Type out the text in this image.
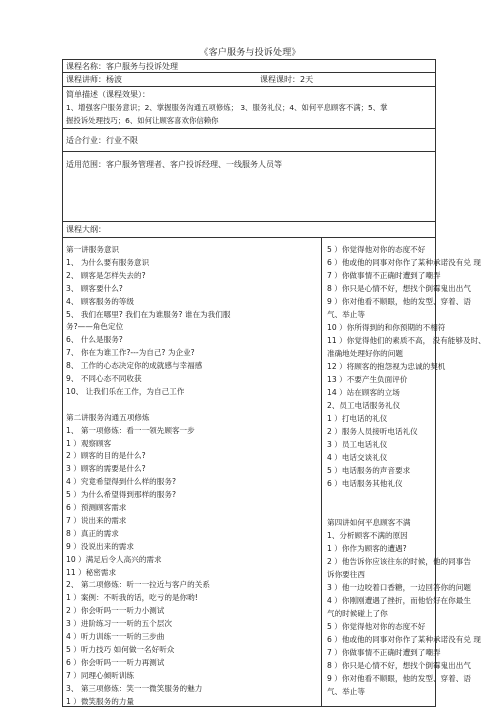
《客户服务与投诉处理》
课程名称：客户服务与投诉处理
课程讲师：杨波	课程课时：2天
简单描述（课程效果）：
1、增强客户服务意识；2、掌握服务沟通五项修炼； 3、服务礼仪；4、如何平息顾客不满；5、掌
握投诉处理技巧；6、如何让顾客喜欢你信赖你
适合行业：行业不限
适用范围：客户服务管理者、客户投诉经理、一线服务人员等
课程大纲：
第一讲服务意识
1、 为什么要有服务意识
2、 顾客是怎样失去的?
3、 顾客要什么?
4、 顾客服务的等级
5、 我们在哪里? 我们在为谁服务? 谁在为我们服
务?——角色定位
6、 什么是服务?
7、 你在为谁工作?---为自己? 为企业?
8、 工作的心态决定你的成就感与幸福感
9、 不同心态不同收获
10、 让我们乐在工作，为自己工作
第二讲服务沟通五项修炼
1、 第一项修炼：看一一领先顾客一步
1 ）观察顾客
2 ）顾客的目的是什么?
3 ）顾客的需要是什么?
4 ）究竟希望得到什么样的服务?
5 ）为什么希望得到那样的服务?
6 ）预测顾客需求
7 ）说出来的需求
8 ）真正的需求
9 ）没说出来的需求
10 ）满足后令人高兴的需求
11 ）秘密需求
2、 第二项修炼：听一一拉近与客户的关系
1 ）案例：不听我的话，吃亏的是你哟!
2 ）你会听吗一一听力小测试
3 ）进阶练习一一听的五个层次
4 ）听力训练一一听的三步曲
5 ）听力技巧 如何做一名好听众
6 ）你会听吗一一听力再测试
7 ）同理心倾听训练
3、 第三项修炼：笑一一微笑服务的魅力
1 ）微笑服务的力量
5 ）你觉得他对你的态度不好
6 ）他或他的同事对你作了某种承诺没有兑 现
7 ）你做事情不正确时遭到了嘲弄
8 ）你只是心情不好，想找个倒霉鬼出出气
9 ）你对他看不顺眼，他的发型、穿着、语
气、举止等
10 ）你所得到的和你预期的不相符
11 ）你觉得他们的素质不高， 没有能够及时、
准确地处理好你的问题
12 ）将顾客的抱怨视为忠诚的契机
13 ）不要产生负面评价
14 ）站在顾客的立场
2、员工电话服务礼仪
1 ）打电话的礼仪
2 ）服务人员接听电话礼仪
3 ）员工电话礼仪
4 ）电话交谈礼仪
5 ）电话服务的声音要求
6 ）电话服务其他礼仪
第四讲如何平息顾客不满
1、分析顾客不满的原因
1 ）你作为顾客的遭遇?
2 ）他告诉你应该往东的时候，他的同事告
诉你要往西
3 ）他一边咬着口香糖，一边回答你的问题
4 ）你刚刚遭遇了挫折，而他恰好在你最生
气的时候碰上了你
5 ）你觉得他对你的态度不好
6 ）他或他的同事对你作了某种承诺没有兑 现
7 ）你做事情不正确时遭到了嘲弄
8 ）你只是心情不好，想找个倒霉鬼出出气
9 ）你对他看不顺眼，他的发型、穿着、语
气、举止等
